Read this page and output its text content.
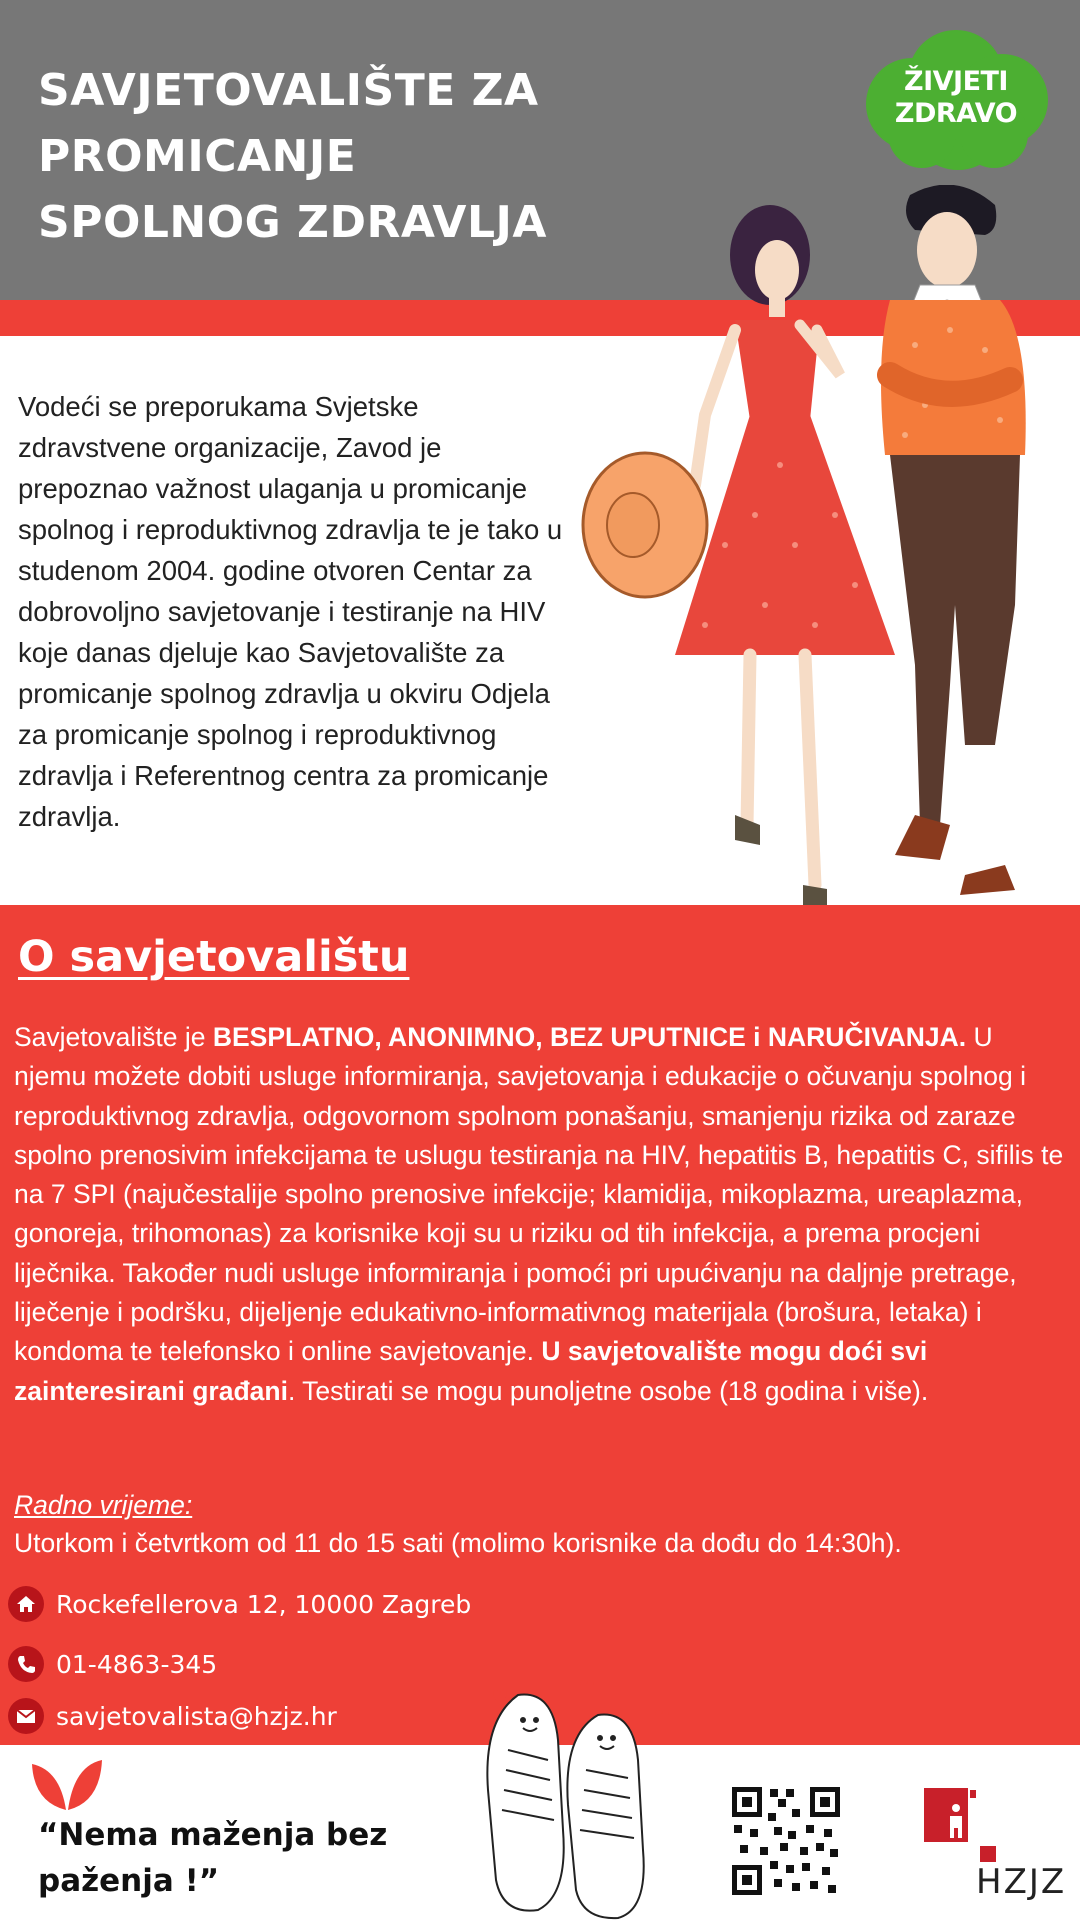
SAVJETOVALIŠTE ZA
PROMICANJE
SPOLNOG ZDRAVLJA
ŽIVJETI
ZDRAVO
Vodeći se preporukama Svjetske zdravstvene organizacije, Zavod je prepoznao važnost ulaganja u promicanje spolnog i reproduktivnog zdravlja te je tako u studenom 2004. godine otvoren Centar za dobrovoljno savjetovanje i testiranje na HIV koje danas djeluje kao Savjetovalište za promicanje spolnog zdravlja u okviru Odjela za promicanje spolnog i reproduktivnog zdravlja i Referentnog centra za promicanje zdravlja.
O savjetovalištu
Savjetovalište je BESPLATNO, ANONIMNO, BEZ UPUTNICE i NARUČIVANJA. U njemu možete dobiti usluge informiranja, savjetovanja i edukacije o očuvanju spolnog i reproduktivnog zdravlja, odgovornom spolnom ponašanju, smanjenju rizika od zaraze spolno prenosivim infekcijama te uslugu testiranja na HIV, hepatitis B, hepatitis C, sifilis te na 7 SPI (najučestalije spolno prenosive infekcije; klamidija, mikoplazma, ureaplazma, gonoreja, trihomonas) za korisnike koji su u riziku od tih infekcija, a prema procjeni liječnika. Također nudi usluge informiranja i pomoći pri upućivanju na daljnje pretrage, liječenje i podršku, dijeljenje edukativno-informativnog materijala (brošura, letaka) i kondoma te telefonsko i online savjetovanje. U savjetovalište mogu doći svi zainteresirani građani. Testirati se mogu punoljetne osobe (18 godina i više).
Radno vrijeme:
Utorkom i četvrtkom od 11 do 15 sati (molimo korisnike da dođu do 14:30h).
Rockefellerova 12, 10000 Zagreb
01-4863-345
savjetovalista@hzjz.hr
“Nema maženja bez
paženja !”	HZJZ
